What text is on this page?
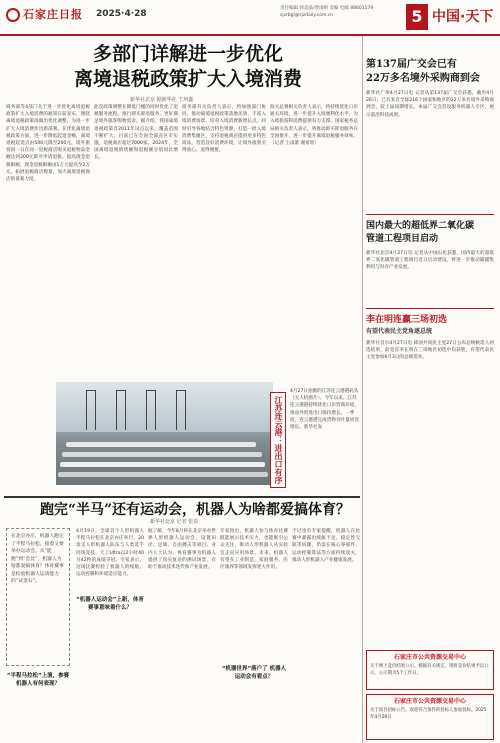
石家庄日报 2025·4·28
责任编辑 郭美晶/贾雨晴 美编 电邮 88601179 sjzrbgl@sjzdaily.com.cn	5 中国·天下
多部门详解进一步优化
离境退税政策扩大入境消费
新华社北京 据新华社 王珂鑫
商务部等4部门关于进一步优化离境退税政策扩大入境消费的通知日前发布，围绕离境退税政策再做出优化调整，为进一步扩大入境消费作出新部署。在优化离境退税政策方面，进一步降低起退金额，离境退税起退点由500元降至200元，境外旅客同一日在同一退税商店购买退税物品金额达到200元即可申请退税。提高现金退税限额，现金退税限额由1万元提高至2万元。拓展退税商店数量，加大离境退税商店的备案力度。
此次政策调整在降低门槛的同时优化了退税服务流程，推行即买即退服务，更好满足境外旅客购物需求。据介绍，我国离境退税政策自2011年试点以来，覆盖范围不断扩大，目前已在全国全部省区市实施，退税商店超过7000家。2024年，全国离境退税销售额和退税额分别同比增长。
商务部有关负责人表示，将加强部门协同，推动离境退税政策落地见效，丰富入境消费场景，培育入境消费新增长点。同时引导各地结合特色资源，打造一批入境消费集聚区，支持退税商店提供更多特色商品，营造良好消费环境，让境外旅客买得放心、退得便捷。
海关总署相关负责人表示，将持续优化口岸通关环境，进一步提升入境便利化水平，为入境旅游和消费提供有力支撑。国家税务总局相关负责人表示，将推动即买即退服务在全国推开，进一步提升离境退税服务效率。（记者 王雨萧 谢希瑶）
江苏连云港：进出口有序
4月27日拍摄的江苏连云港港码头（无人机照片）。今年以来，江苏连云港港持续优化口岸营商环境，推动外贸进出口保持增长。一季度，连云港港完成货物吞吐量同比增长。新华社发
跑完“半马”还有运动会，机器人为啥都爱搞体育？
新华社北京 记者 张泉
在北京亦庄，机器人跑完了半程马拉松，接着又要举办运动会。从“能跑”到“会比”，机器人为啥都爱搞体育？体育赛事是检验机器人运动能力的“试金石”。
“半程马拉松”上演，参赛机器人有何表现？
4月19日，全球首个人形机器人半程马拉松在北京亦庄举行，20余支人形机器人队伍与人类选手同场竞技。天工Ultra以2小时40分42秒的成绩夺冠。专家表示，这场比赛检验了机器人的续航、运动控制和环境适应能力。
“机器人运动会”上新，体育赛事意味着什么？
据了解，今年8月将在北京举办世界人形机器人运动会，设置田径、足球、自由搏击等项目。业内人士认为，体育赛事为机器人提供了真实复杂的测试场景，有助于推动技术迭代和产业发展。
专家指出，机器人参与体育比赛既能展示技术实力，也能吸引公众关注，推动人形机器人从实验室走向应用场景。未来，机器人有望在工业制造、家庭服务、医疗康养等领域发挥更大作用。
“机器世界”落户了 机器人运动会有看点？
不过也有专家提醒，机器人在比赛中暴露出续航不足、稳定性欠缺等问题，仍需在核心零部件、运动控制算法等方面持续攻关，推动人形机器人产业健康发展。
第137届广交会已有
22万多名境外采购商到会
新华社广州4月27日电 记者从第137届广交会获悉，截至4月26日，已有来自全球216个国家和地区的22万多名境外采购商到会，较上届同期增长。本届广交会首设服务机器人专区，展示前沿科技成果。
国内最大的超低界二氧化碳
管道工程项目启动
新华社北京4月27日电 记者从中国石化获悉，国内最大的超低界二氧化碳管道工程项目近日启动建设，将进一步推动碳捕集利用与封存产业发展。
李在明连赢三场初选
有望代表民主党角逐总统
新华社首尔4月27日电 韩国共同民主党27日公布总统候选人初选结果，前党首李在明在三场地区初选中均获胜，有望代表民主党参加6月3日的总统选举。
石家庄市公共资源交易中心
关于网上竞价结果公示。根据有关规定，现将竞价结果予以公示，公示期为5个工作日。
石家庄市公共资源交易中心
关于项目招标公告。欢迎符合条件的投标人参加投标。2025年4月28日
